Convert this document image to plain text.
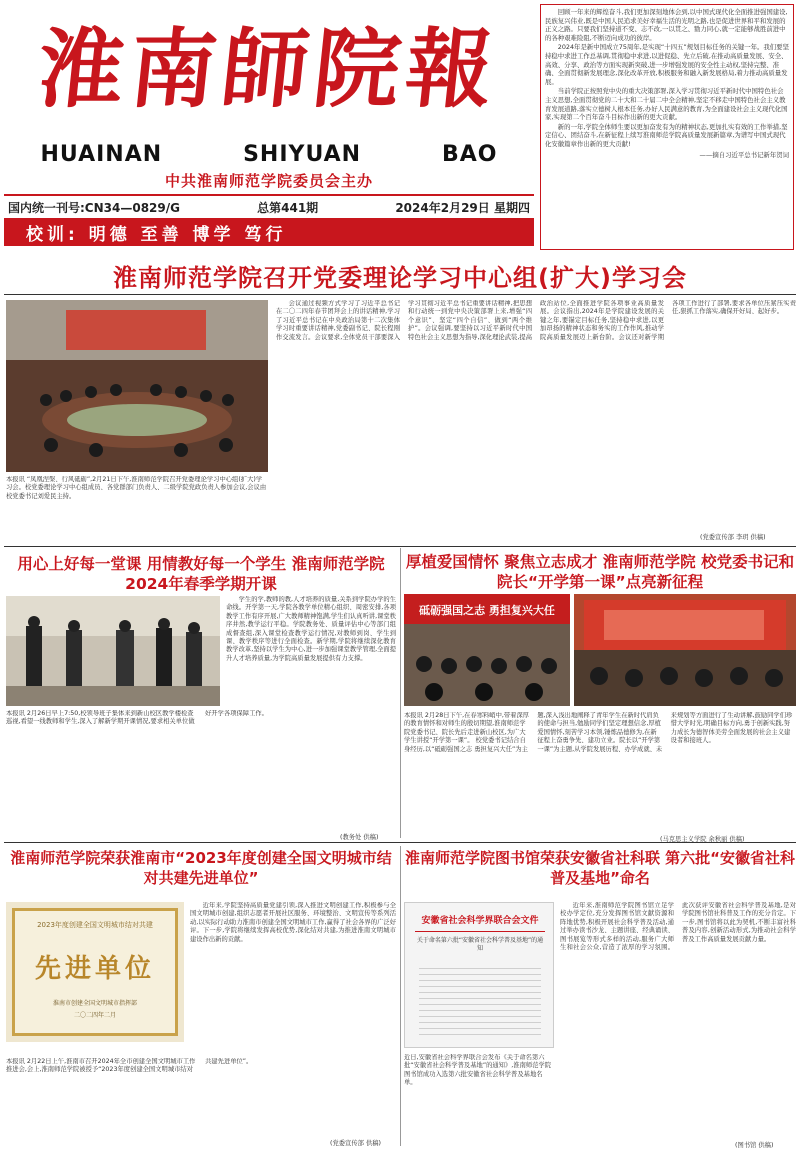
淮南師院報
HUAINAN	SHIYUAN	BAO
中共淮南师范学院委员会主办
国内统一刊号:CN34—0829/G	总第441期	2024年2月29日 星期四
校训: 明德 至善 博学 笃行

回顾一年来的辉煌奋斗,我们更加深刻地体会到,以中国式现代化全面推进强国建设,民族复兴伟业,既是中国人民追求美好幸福生活的光明之路,也是促进世界和平和发展的正义之路。只要我们坚持道不变、志不改,一以贯之、勠力同心,就一定能够战胜前进中的各种艰难险阻,不断迈向成功的彼岸。

2024年是新中国成立75周年,是实现“十四五”规划目标任务的关键一年。我们要坚持稳中求进工作总基调,贯彻稳中求进,以进促稳、先立后破,在推动高质量发展、安全、高效、分享、政治等方面实现新突破,进一步增强发展的安全性主动权,坚持完整、准确、全面贯彻新发展理念,深化改革开放,积极服务和融入新发展格局,着力推动高质量发展。

当前学院正按照党中央的重大决策部署,深入学习贯彻习近平新时代中国特色社会主义思想,全面贯彻党的二十大和二十届二中全会精神,坚定不移走中国特色社会主义教育发展道路,落实立德树人根本任务,办好人民满意的教育,为全面建设社会主义现代化国家,实现第二个百年奋斗目标作出新的更大贡献。

新的一年,学院全体师生要以更加奋发有为的精神状态,更加扎实有效的工作举措,坚定信心、团结奋斗,在新征程上续写淮南师范学院高质量发展新篇章,为谱写中国式现代化安徽篇章作出新的更大贡献!

——摘自习近平总书记新年贺词
淮南师范学院召开党委理论学习中心组(扩大)学习会
本报讯 “凤凰涅槃、行风砥砺”,2月21日下午,淮南师范学院召开党委理论学习中心组(扩大)学习会。校党委理论学习中心组成员、各党群部门负责人、二级学院党政负责人参加会议,会议由校党委书记刘爱民主持。

会议通过视频方式学习了习近平总书记在二〇二四年春节团拜会上的讲话精神,学习了习近平总书记在中央政治局第十二次集体学习时重要讲话精神,党委副书记、院长程刚作交流发言。会议要求,全体党员干部要深入学习贯彻习近平总书记重要讲话精神,把思想和行动统一到党中央决策部署上来,增强“四个意识”、坚定“四个自信”、做到“两个维护”。会议强调,要坚持以习近平新时代中国特色社会主义思想为指导,深化理论武装,提高政治站位,全面推进学院各项事业高质量发展。会议指出,2024年是学院建设发展的关键之年,要锚定目标任务,坚持稳中求进,以更加昂扬的精神状态和务实的工作作风,推动学院高质量发展迈上新台阶。会议还对新学期各项工作进行了部署,要求各单位压紧压实责任,狠抓工作落实,确保开好局、起好步。

(党委宣传部 李玥 供稿)
用心上好每一堂课 用情教好每一个学生 淮南师范学院2024年春季学期开课

学生的学,教师的教,人才培养的质量,关系到学院办学的生命线。开学第一天,学院各教学单位精心组织、周密安排,各项教学工作有序开展,广大教师精神饱满,学生们认真听讲,课堂秩序井然,教学运行平稳。学院教务处、质量评估中心等部门组成督查组,深入课堂检查教学运行情况,对教师到岗、学生到课、教学秩序等进行全面检查。新学期,学院将继续深化教育教学改革,坚持以学生为中心,进一步加强课堂教学管理,全面提升人才培养质量,为学院高质量发展提供有力支撑。

本报讯 2月26日早上7:50,校领导班子集体来到新山校区教学楼检查巡视,看望一线教师和学生,深入了解新学期开课情况,要求相关单位做好开学各项保障工作。
(教务处 供稿)
厚植爱国情怀 聚焦立志成才 淮南师范学院 校党委书记和院长“开学第一课”点亮新征程
砥砺强国之志 勇担复兴大任
本报讯 2月28日下午,在春寒料峭中,带着深厚的教育情怀和对师生的殷切期望,淮南师范学院党委书记、院长先后走进新山校区,为广大学生讲授“开学第一课”。 校党委书记结合自身经历,以“砥砺强国之志 勇担复兴大任”为主题,深入浅出地阐释了青年学生在新时代肩负的使命与担当,勉励同学们坚定理想信念,厚植爱国情怀,刻苦学习本领,锤炼品德修为,在新征程上奋勇争先、建功立业。院长以“开学第一课”为主题,从学院发展历程、办学成就、未来规划等方面进行了生动讲解,鼓励同学们珍惜大学时光,明确目标方向,勇于创新实践,努力成长为德智体美劳全面发展的社会主义建设者和接班人。
(马克思主义学院 余秋丽 供稿)
淮南师范学院荣获淮南市“2023年度创建全国文明城市结对共建先进单位”
2023年度创建全国文明城市结对共建
先进单位
淮南市创建全国文明城市指挥部
二〇二四年二月

近年来,学院坚持高质量党建引领,深入推进文明创建工作,积极参与全国文明城市创建,组织志愿者开展社区服务、环境整治、文明宣传等系列活动,以实际行动助力淮南市创建全国文明城市工作,赢得了社会各界的广泛好评。下一步,学院将继续发挥高校优势,深化结对共建,为推进淮南文明城市建设作出新的贡献。

本报讯 2月22日上午,淮南市召开2024年全市创建全国文明城市工作推进会,会上,淮南师范学院被授予“2023年度创建全国文明城市结对共建先进单位”。
(党委宣传部 供稿)
淮南师范学院图书馆荣获安徽省社科联 第六批“安徽省社科普及基地”命名
安徽省社会科学界联合会文件
关于命名第六批“安徽省社会科学普及基地”的通知

近年来,淮南师范学院图书馆立足学校办学定位,充分发挥图书馆文献资源和阵地优势,积极开展社会科学普及活动,通过举办读书沙龙、主题讲座、经典诵读、图书展览等形式多样的活动,服务广大师生和社会公众,营造了浓厚的学习氛围。此次获评安徽省社会科学普及基地,是对学院图书馆社科普及工作的充分肯定。下一步,图书馆将以此为契机,不断丰富社科普及内容,创新活动形式,为推动社会科学普及工作高质量发展贡献力量。

近日,安徽省社会科学界联合会发布《关于命名第六批“安徽省社会科学普及基地”的通知》,淮南师范学院图书馆成功入选第六批安徽省社会科学普及基地名单。
(图书馆 供稿)
